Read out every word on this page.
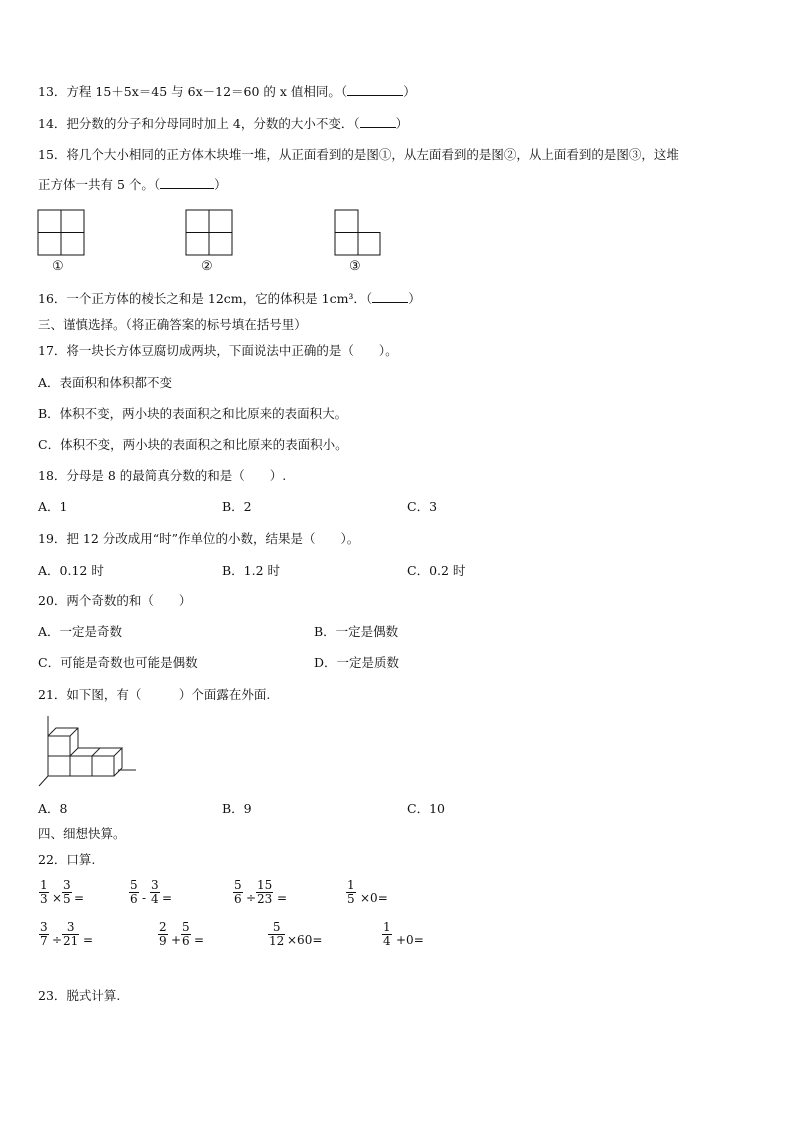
13．方程 15＋5x＝45 与 6x－12＝60 的 x 值相同。（	）
14．把分数的分子和分母同时加上 4，分数的大小不变．（	）
15．将几个大小相同的正方体木块堆一堆，从正面看到的是图①，从左面看到的是图②，从上面看到的是图③，这堆
正方体一共有 5 个。（	）
①	②	③
16．一个正方体的棱长之和是 12cm，它的体积是 1cm³．（	）
三、谨慎选择。（将正确答案的标号填在括号里）
17．将一块长方体豆腐切成两块，下面说法中正确的是（　　）。
A．表面积和体积都不变
B．体积不变，两小块的表面积之和比原来的表面积大。
C．体积不变，两小块的表面积之和比原来的表面积小。
18．分母是 8 的最简真分数的和是（　　）.
A．1	B．2	C．3
19．把 12 分改成用“时”作单位的小数，结果是（　　）。
A．0.12 时	B．1.2 时	C．0.2 时
20．两个奇数的和（　　）
A．一定是奇数	B．一定是偶数
C．可能是奇数也可能是偶数	D．一定是质数
21．如下图，有（　　　）个面露在外面.
A．8	B．9	C．10
四、细想快算。
22．口算.
$\frac{1}{3} \times \frac{3}{5}$ =	$\frac{5}{6} - \frac{3}{4}$ =	$\frac{5}{6} \div \frac{15}{23}$ =	$\frac{1}{5} \times 0=$
$\frac{3}{7} \div \frac{3}{21}$ =	$\frac{2}{9} + \frac{5}{6}$ =	$\frac{5}{12} \times 60=$	$\frac{1}{4} +0=$
23．脱式计算.
